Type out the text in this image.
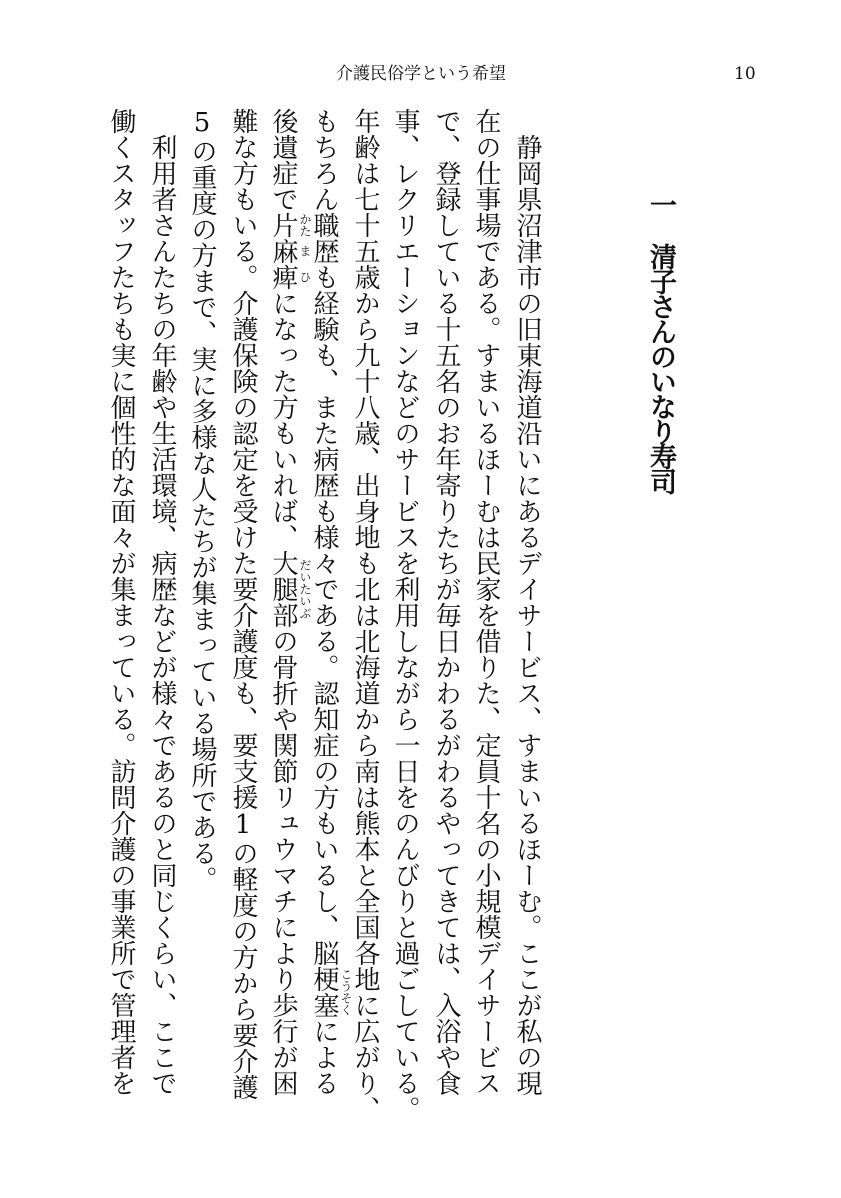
介護民俗学という希望	10
一
清子さんのいなり寿司
静岡県沼津市の旧東海道沿いにあるデイサービス、すまいるほーむ。ここが私の現
在の仕事場である。すまいるほーむは民家を借りた、定員十名の小規模デイサービス
で、登録している十五名のお年寄りたちが毎日かわるがわるやってきては、入浴や食
事、レクリエーションなどのサービスを利用しながら一日をのんびりと過ごしている。
年齢は七十五歳から九十八歳、出身地も北は北海道から南は熊本と全国各地に広がり、
もちろん職歴も経験も、また病歴も様々である。認知症の方もいるし、脳梗塞による
後遺症で片麻痺になった方もいれば、大腿部の骨折や関節リュウマチにより歩行が困
難な方もいる。介護保険の認定を受けた要介護度も、要支援1の軽度の方から要介護
5の重度の方まで、実に多様な人たちが集まっている場所である。
利用者さんたちの年齢や生活環境、病歴などが様々であるのと同じくらい、ここで
働くスタッフたちも実に個性的な面々が集まっている。訪問介護の事業所で管理者を	こうそく
かた
ま
ひ
だいたいぶ
